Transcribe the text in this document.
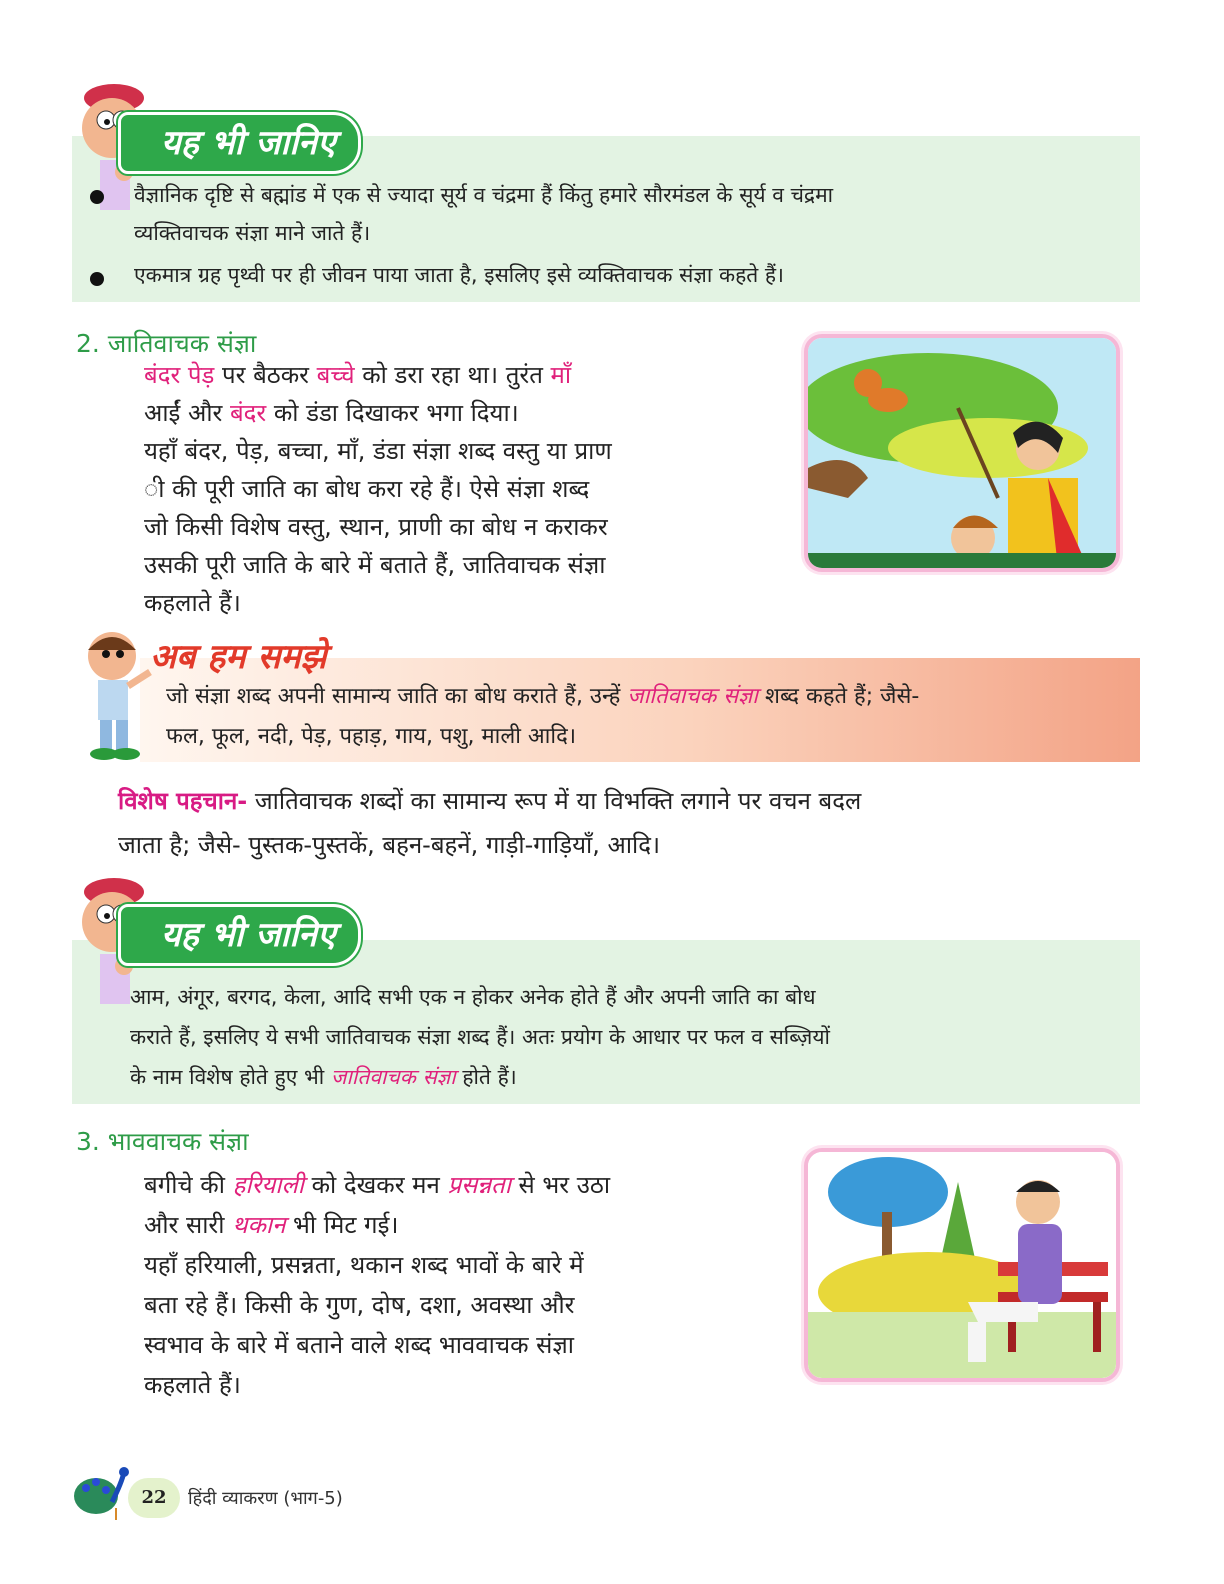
यह भी जानिए
वैज्ञानिक दृष्टि से बह्मांड में एक से ज्यादा सूर्य व चंद्रमा हैं किंतु हमारे सौरमंडल के सूर्य व चंद्रमा
व्यक्तिवाचक संज्ञा माने जाते हैं।
एकमात्र ग्रह पृथ्वी पर ही जीवन पाया जाता है, इसलिए इसे व्यक्तिवाचक संज्ञा कहते हैं।
2. जातिवाचक संज्ञा
बंदर पेड़ पर बैठकर बच्चे को डरा रहा था। तुरंत माँ
आईं और बंदर को डंडा दिखाकर भगा दिया।
यहाँ बंदर, पेड़, बच्चा, माँ, डंडा संज्ञा शब्द वस्तु या प्राण
ी की पूरी जाति का बोध करा रहे हैं। ऐसे संज्ञा शब्द
जो किसी विशेष वस्तु, स्थान, प्राणी का बोध न कराकर
उसकी पूरी जाति के बारे में बताते हैं, जातिवाचक संज्ञा
कहलाते हैं।
अब हम समझे
जो संज्ञा शब्द अपनी सामान्य जाति का बोध कराते हैं, उन्हें जातिवाचक संज्ञा शब्द कहते हैं; जैसे-
फल, फूल, नदी, पेड़, पहाड़, गाय, पशु, माली आदि।
विशेष पहचान- जातिवाचक शब्दों का सामान्य रूप में या विभक्ति लगाने पर वचन बदल
जाता है; जैसे- पुस्तक-पुस्तकें, बहन-बहनें, गाड़ी-गाड़ियाँ, आदि।
यह भी जानिए
आम, अंगूर, बरगद, केला, आदि सभी एक न होकर अनेक होते हैं और अपनी जाति का बोध
कराते हैं, इसलिए ये सभी जातिवाचक संज्ञा शब्द हैं। अतः प्रयोग के आधार पर फल व सब्ज़ियों
के नाम विशेष होते हुए भी जातिवाचक संज्ञा होते हैं।
3. भाववाचक संज्ञा
बगीचे की हरियाली को देखकर मन प्रसन्नता से भर उठा
और सारी थकान भी मिट गई।
यहाँ हरियाली, प्रसन्नता, थकान शब्द भावों के बारे में
बता रहे हैं। किसी के गुण, दोष, दशा, अवस्था और
स्वभाव के बारे में बताने वाले शब्द भाववाचक संज्ञा
कहलाते हैं।
22	हिंदी व्याकरण (भाग-5)
